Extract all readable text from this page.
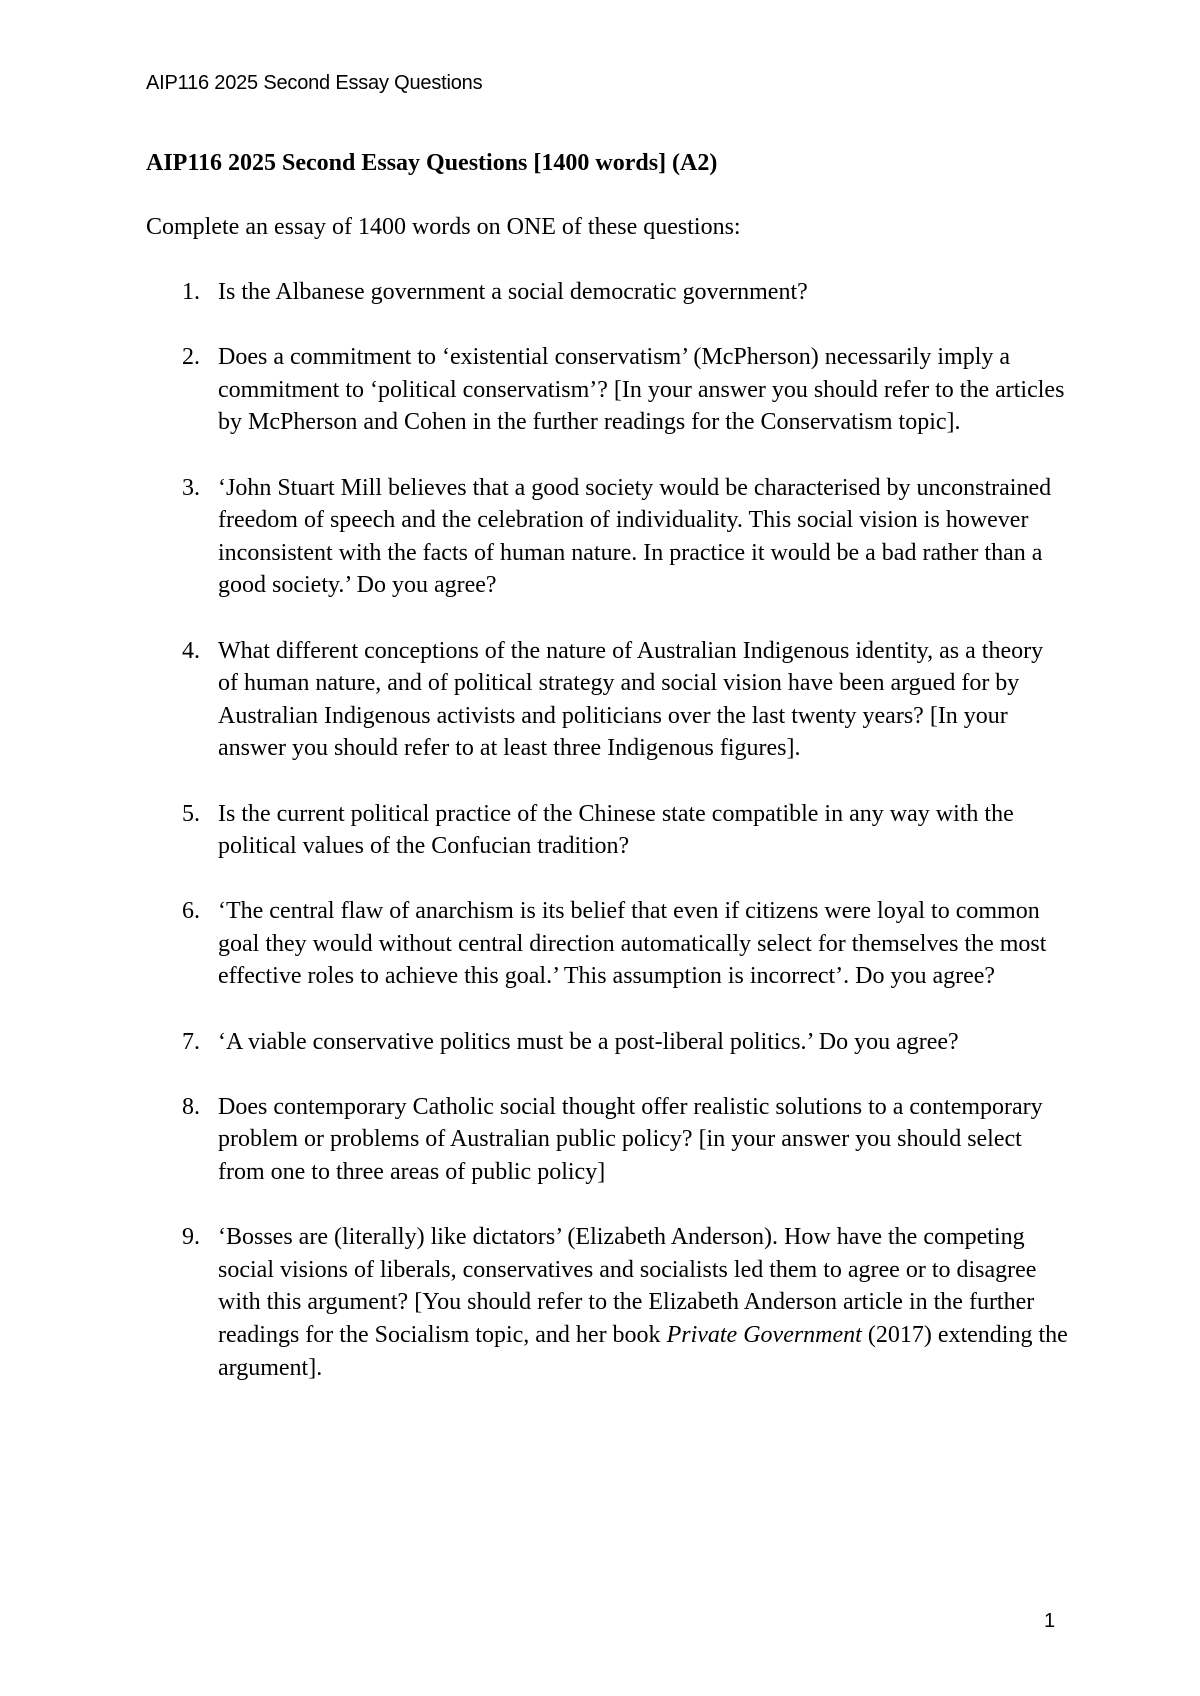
AIP116 2025 Second Essay Questions
AIP116 2025 Second Essay Questions [1400 words] (A2)

Complete an essay of 1400 words on ONE of these questions:

1. Is the Albanese government a social democratic government?
2. Does a commitment to ‘existential conservatism’ (McPherson) necessarily imply a commitment to ‘political conservatism’? [In your answer you should refer to the articles by McPherson and Cohen in the further readings for the Conservatism topic].
3. ‘John Stuart Mill believes that a good society would be characterised by unconstrained freedom of speech and the celebration of individuality. This social vision is however inconsistent with the facts of human nature. In practice it would be a bad rather than a good society.’ Do you agree?
4. What different conceptions of the nature of Australian Indigenous identity, as a theory of human nature, and of political strategy and social vision have been argued for by Australian Indigenous activists and politicians over the last twenty years? [In your answer you should refer to at least three Indigenous figures].
5. Is the current political practice of the Chinese state compatible in any way with the political values of the Confucian tradition?
6. ‘The central flaw of anarchism is its belief that even if citizens were loyal to common goal they would without central direction automatically select for themselves the most effective roles to achieve this goal.’ This assumption is incorrect’. Do you agree?
7. ‘A viable conservative politics must be a post-liberal politics.’ Do you agree?
8. Does contemporary Catholic social thought offer realistic solutions to a contemporary problem or problems of Australian public policy? [in your answer you should select from one to three areas of public policy]
9. ‘Bosses are (literally) like dictators’ (Elizabeth Anderson). How have the competing social visions of liberals, conservatives and socialists led them to agree or to disagree with this argument? [You should refer to the Elizabeth Anderson article in the further readings for the Socialism topic, and her book Private Government (2017) extending the argument].
1
